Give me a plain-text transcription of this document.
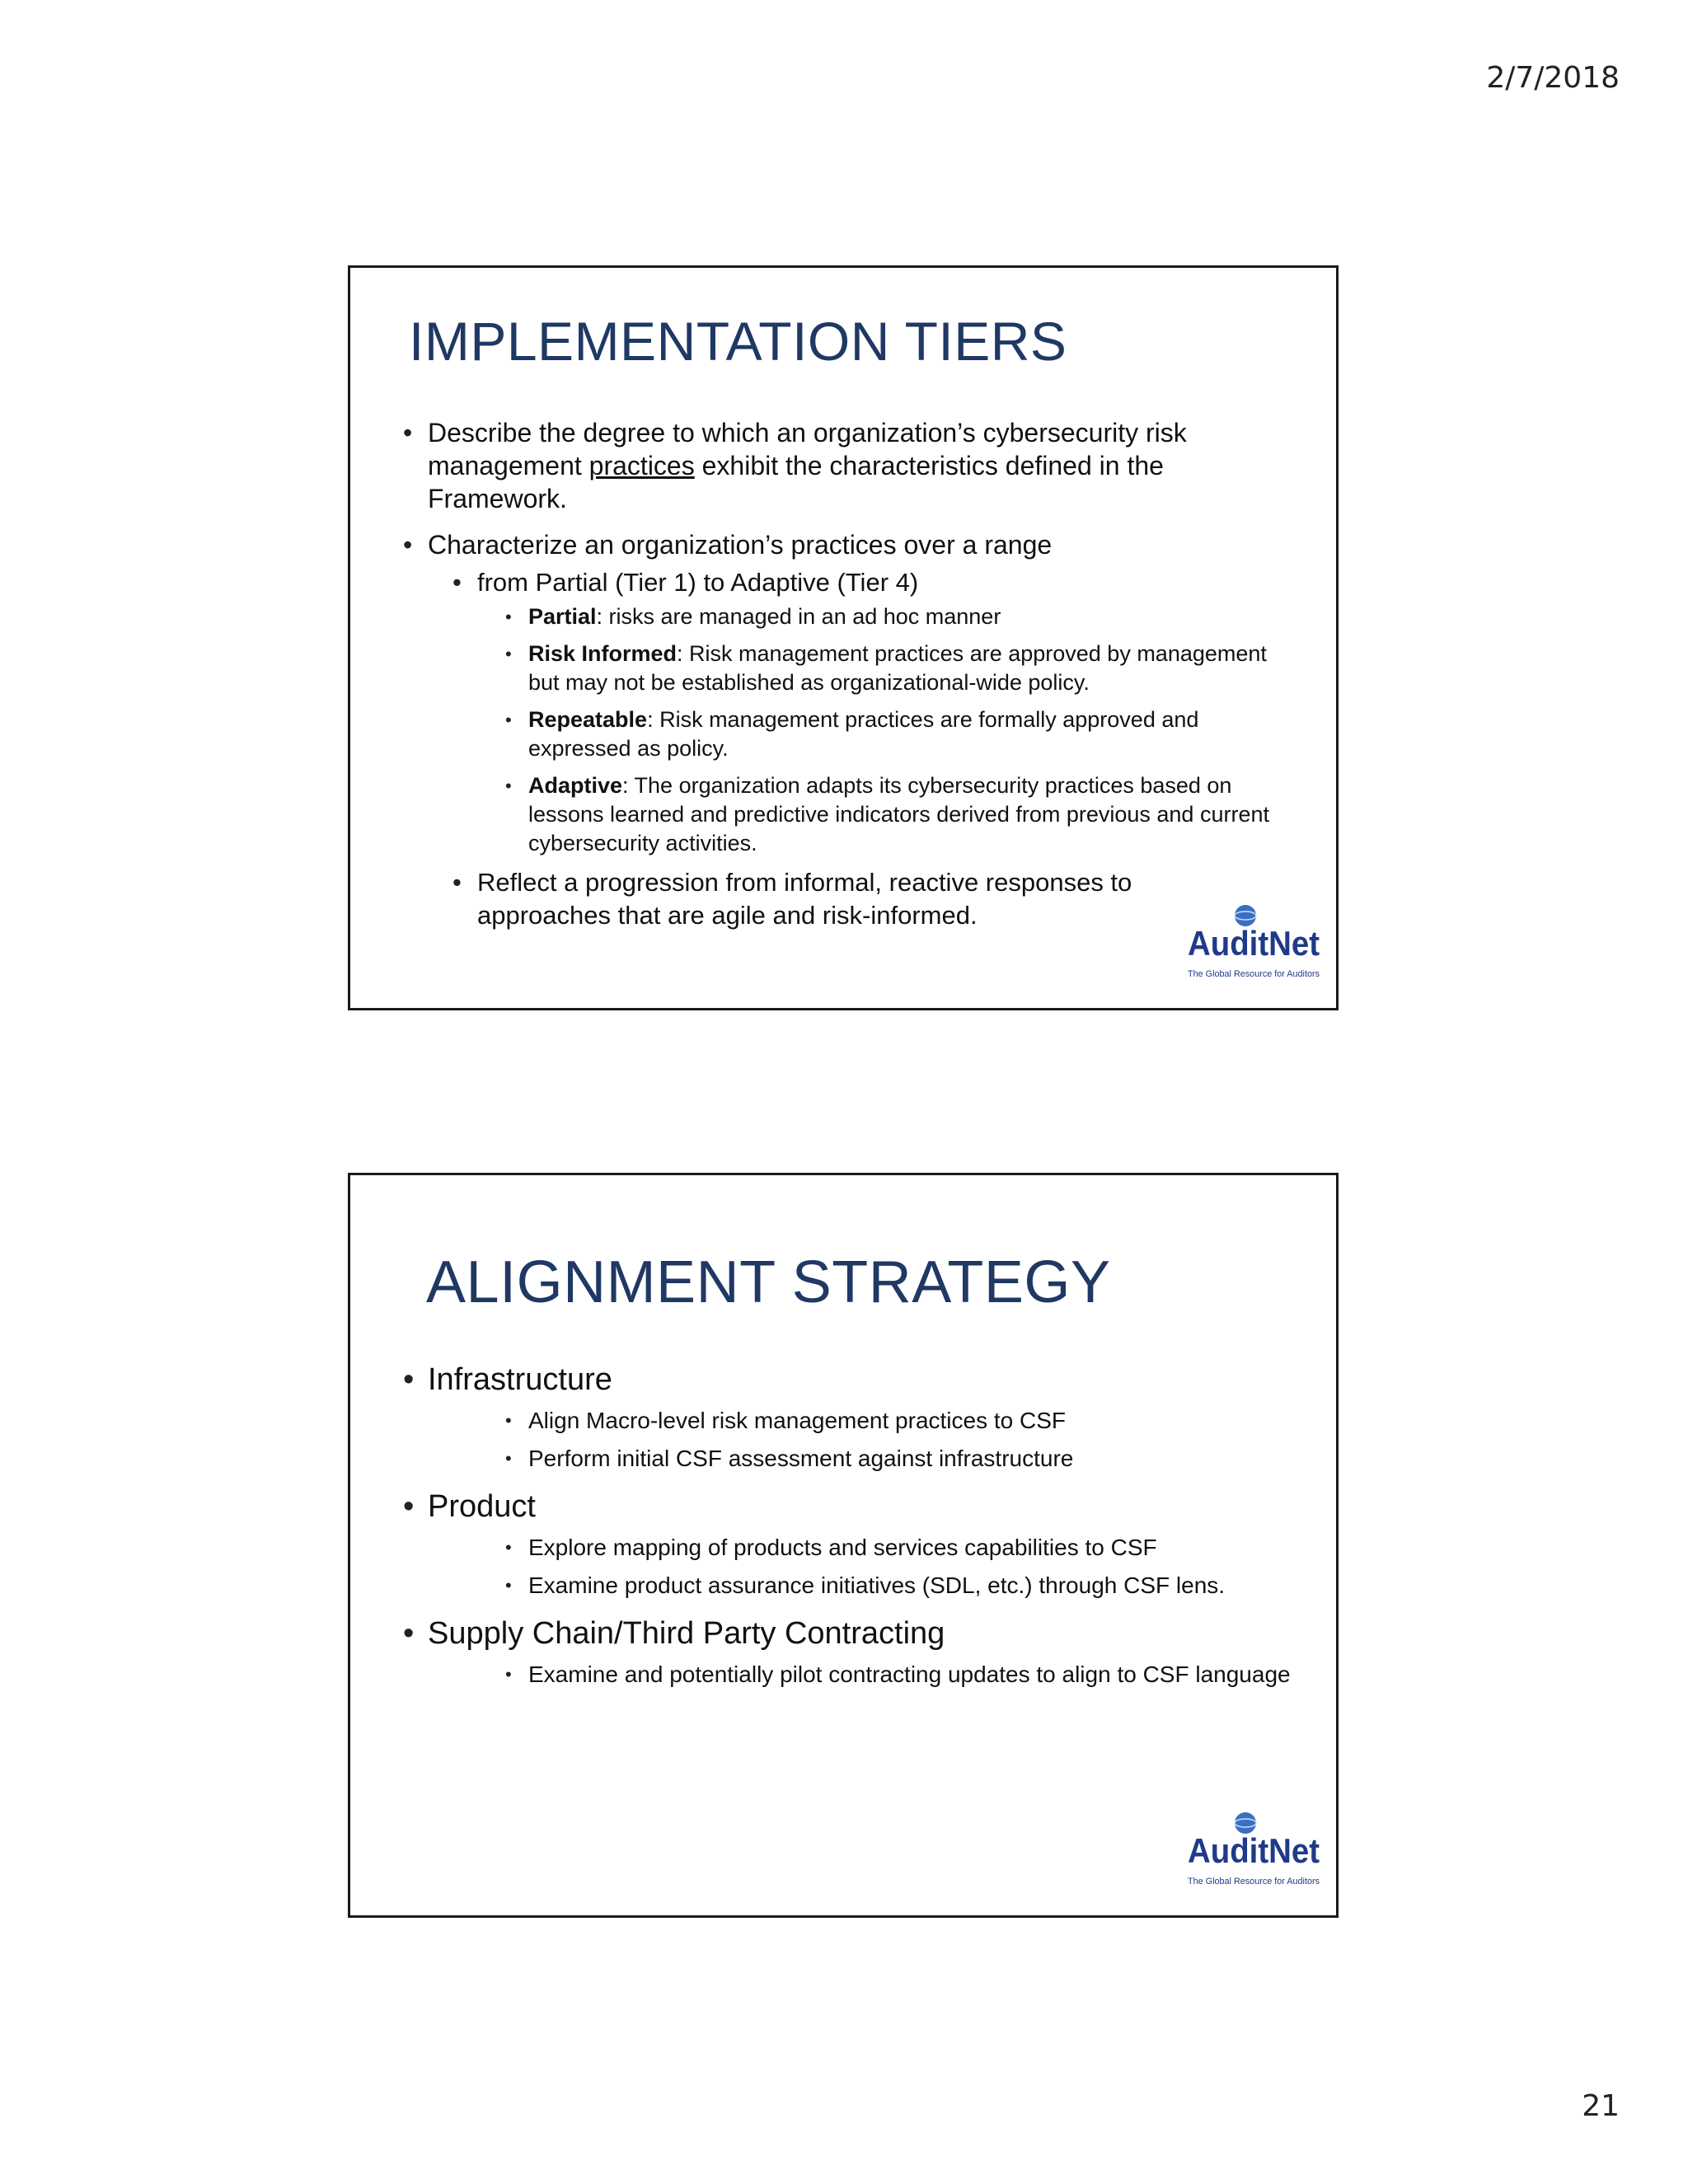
2/7/2018
IMPLEMENTATION TIERS
• Describe the degree to which an organization’s cybersecurity risk management practices exhibit the characteristics defined in the Framework.
• Characterize an organization’s practices over a range
• from Partial (Tier 1) to Adaptive (Tier 4)
• Partial: risks are managed in an ad hoc manner
• Risk Informed: Risk management practices are approved by management but may not be established as organizational-wide policy.
• Repeatable: Risk management practices are formally approved and expressed as policy.
• Adaptive: The organization adapts its cybersecurity practices based on lessons learned and predictive indicators derived from previous and current cybersecurity activities.
• Reflect a progression from informal, reactive responses to approaches that are agile and risk-informed.
AuditNet
The Global Resource for Auditors
ALIGNMENT STRATEGY
• Infrastructure
• Align Macro-level risk management practices to CSF
• Perform initial CSF assessment against infrastructure
• Product
• Explore mapping of products and services capabilities to CSF
• Examine product assurance initiatives (SDL, etc.) through CSF lens.
• Supply Chain/Third Party Contracting
• Examine and potentially pilot contracting updates to align to CSF language
AuditNet
The Global Resource for Auditors
21
